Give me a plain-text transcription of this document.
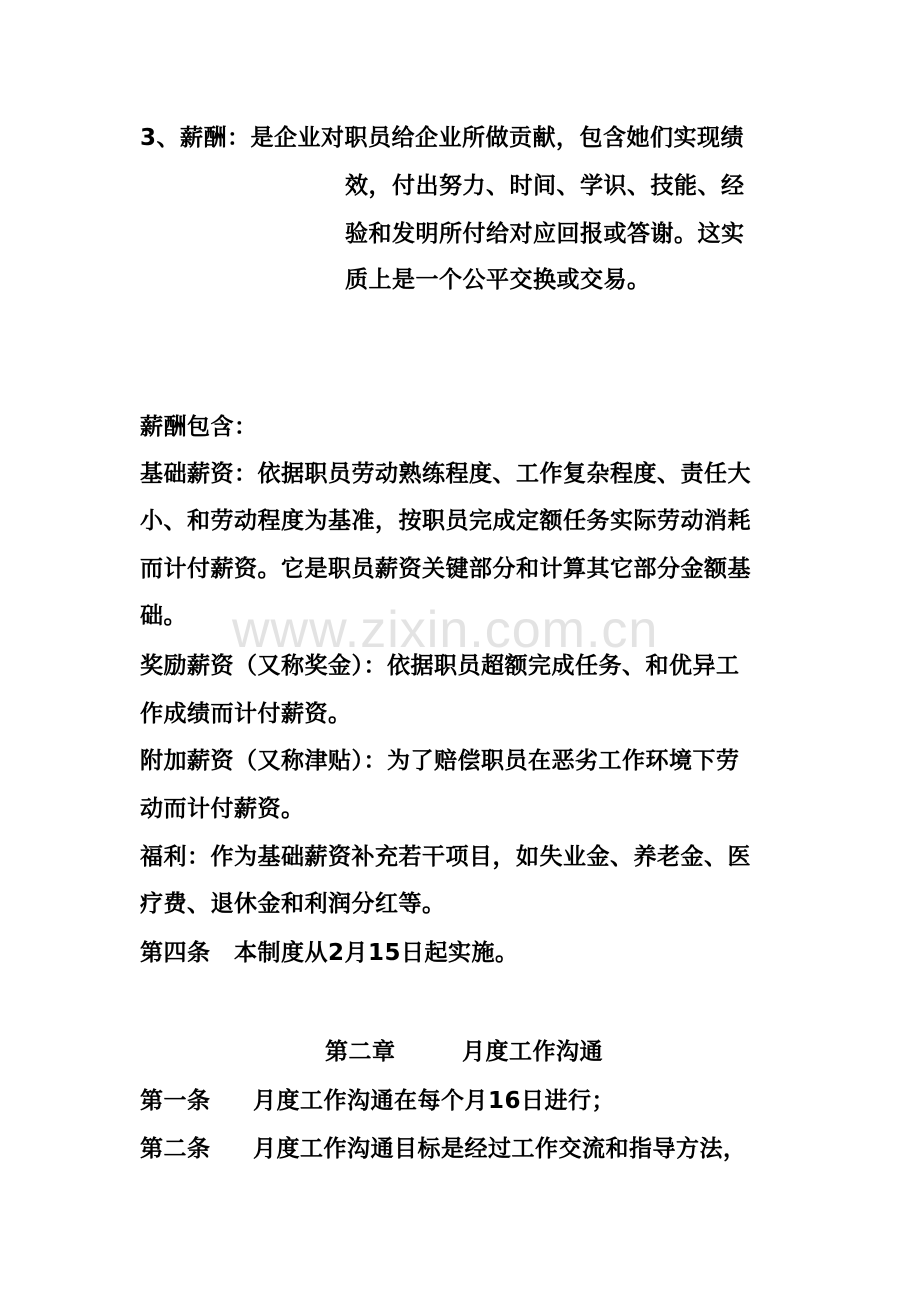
www.zixin.com.cn
3、薪酬：是企业对职员给企业所做贡献，包含她们实现绩
效，付出努力、时间、学识、技能、经
验和发明所付给对应回报或答谢。这实
质上是一个公平交换或交易。
薪酬包含：
基础薪资：依据职员劳动熟练程度、工作复杂程度、责任大
小、和劳动程度为基准，按职员完成定额任务实际劳动消耗
而计付薪资。它是职员薪资关键部分和计算其它部分金额基
础。
奖励薪资（又称奖金）：依据职员超额完成任务、和优异工
作成绩而计付薪资。
附加薪资（又称津贴）：为了赔偿职员在恶劣工作环境下劳
动而计付薪资。
福利：作为基础薪资补充若干项目，如失业金、养老金、医
疗费、退休金和利润分红等。
第四条　本制度从2月15日起实施。
第二章	月度工作沟通
第一条 月度工作沟通在每个月16日进行；
第二条 月度工作沟通目标是经过工作交流和指导方法，
